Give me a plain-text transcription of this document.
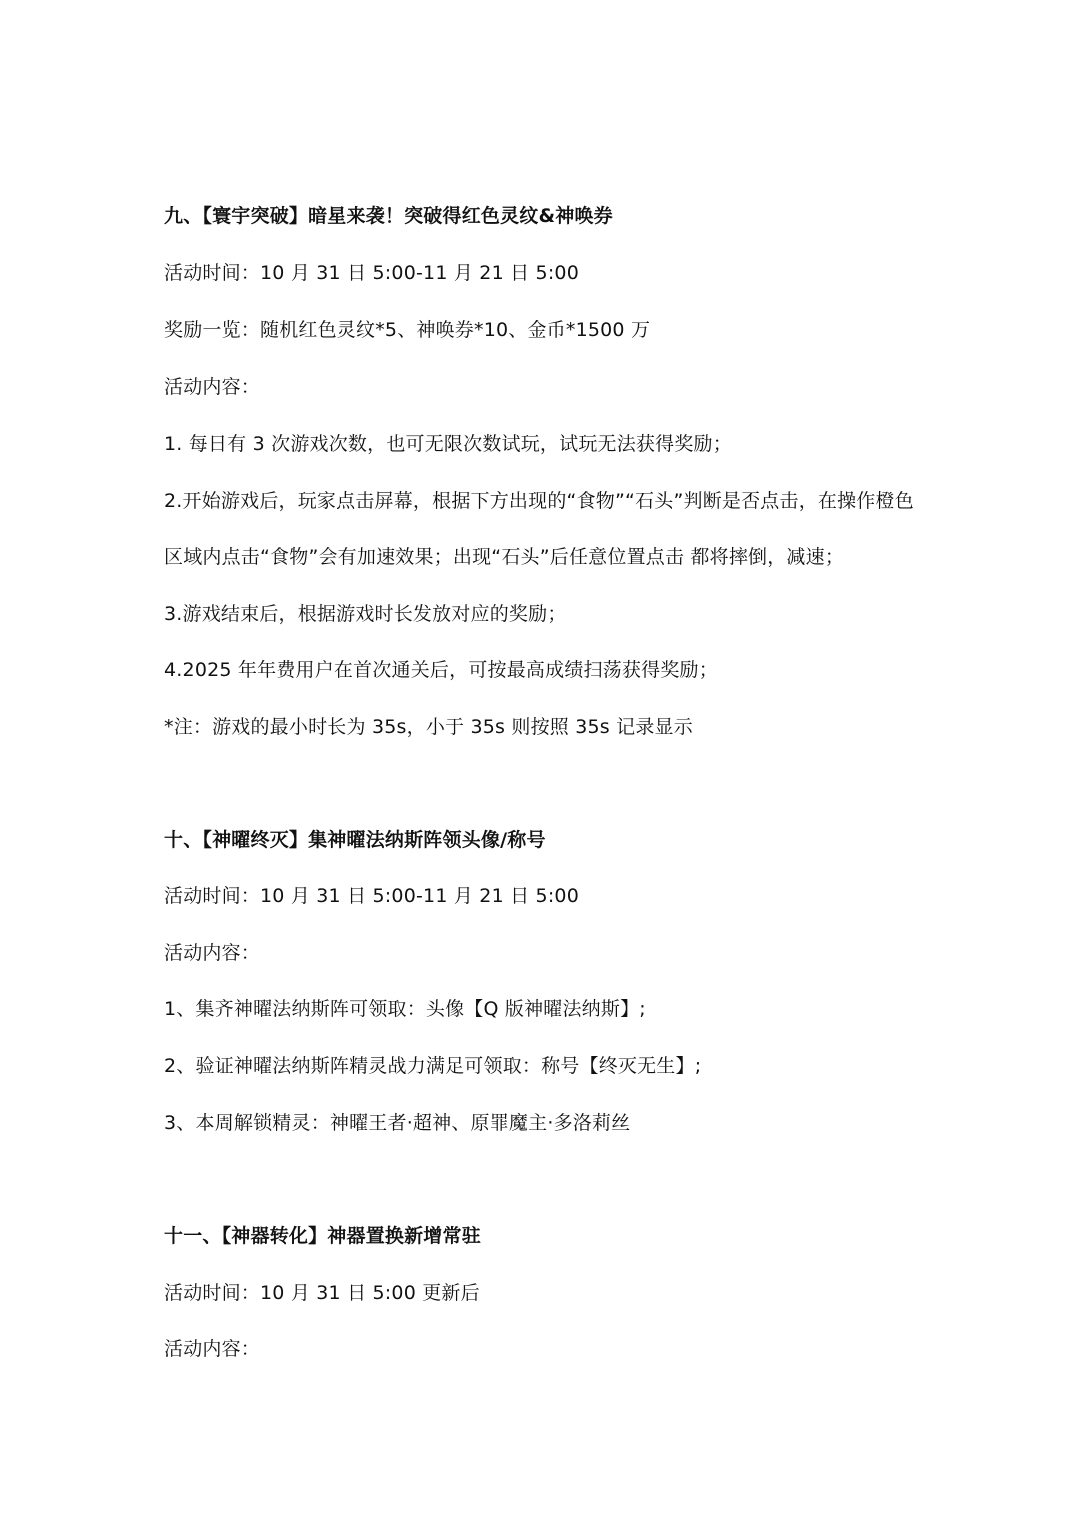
九、【寰宇突破】暗星来袭！突破得红色灵纹&神唤券
活动时间：10 月 31 日 5:00-11 月 21 日 5:00
奖励一览：随机红色灵纹*5、神唤券*10、金币*1500 万
活动内容：
1. 每日有 3 次游戏次数，也可无限次数试玩，试玩无法获得奖励；
2.开始游戏后，玩家点击屏幕，根据下方出现的“食物”“石头”判断是否点击，在操作橙色
区域内点击“食物”会有加速效果；出现“石头”后任意位置点击 都将摔倒，减速；
3.游戏结束后，根据游戏时长发放对应的奖励；
4.2025 年年费用户在首次通关后，可按最高成绩扫荡获得奖励；
*注：游戏的最小时长为 35s，小于 35s 则按照 35s 记录显示
十、【神曜终灭】集神曜法纳斯阵领头像/称号
活动时间：10 月 31 日 5:00-11 月 21 日 5:00
活动内容：
1、集齐神曜法纳斯阵可领取：头像【Q 版神曜法纳斯】;
2、验证神曜法纳斯阵精灵战力满足可领取：称号【终灭无生】;
3、本周解锁精灵：神曜王者·超神、原罪魔主·多洛莉丝
十一、【神器转化】神器置换新增常驻
活动时间：10 月 31 日 5:00 更新后
活动内容：
